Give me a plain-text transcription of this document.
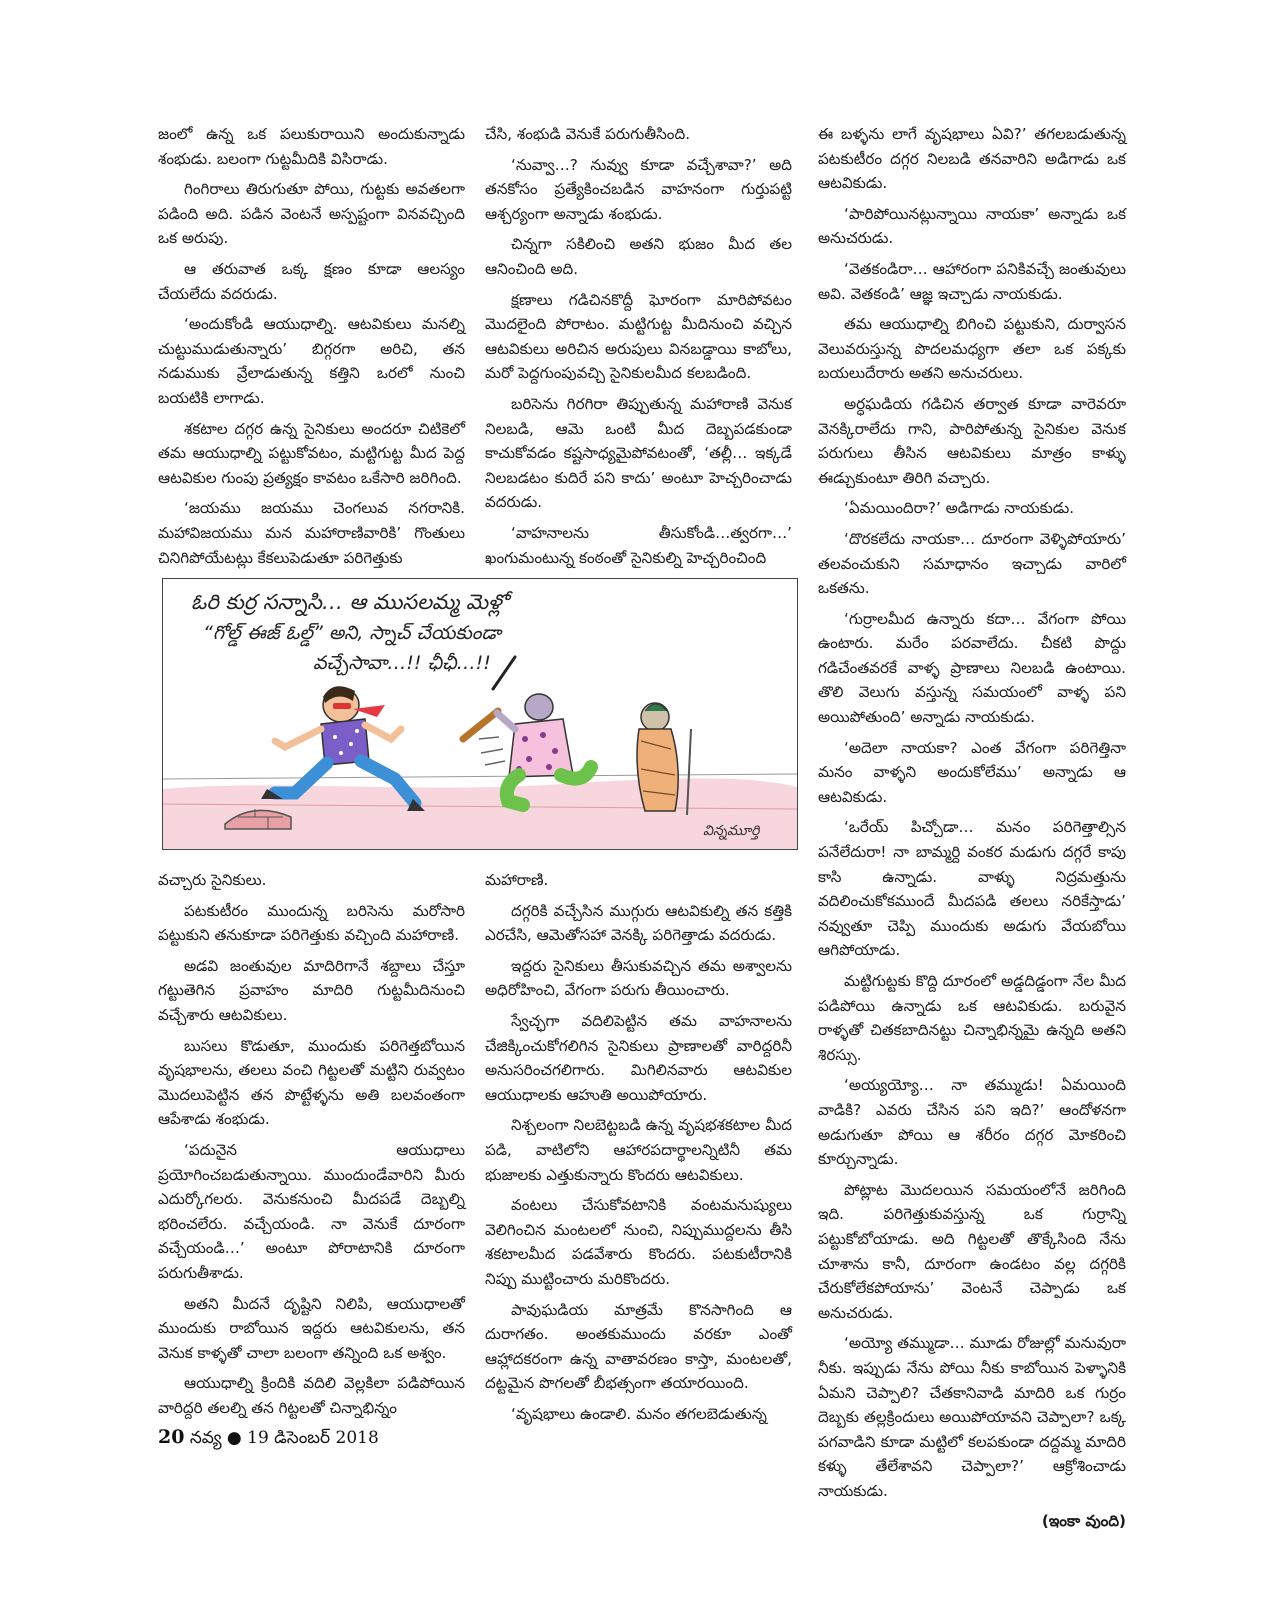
జంలో ఉన్న ఒక పలుకురాయిని అందుకున్నాడు శంభుడు. బలంగా గుట్టమీదికి విసిరాడు.

గింగిరాలు తిరుగుతూ పోయి, గుట్టకు అవతలగా పడింది అది. పడిన వెంటనే అస్పష్టంగా వినవచ్చింది ఒక అరుపు.

ఆ తరువాత ఒక్క క్షణం కూడా ఆలస్యం చేయలేదు వదరుడు.

‘అందుకోండి ఆయుధాల్ని. ఆటవికులు మనల్ని చుట్టుముడుతున్నారు’ బిగ్గరగా అరిచి, తన నడుముకు వ్రేలాడుతున్న కత్తిని ఒరలో నుంచి బయటికి లాగాడు.

శకటాల దగ్గర ఉన్న సైనికులు అందరూ చిటికెలో తమ ఆయుధాల్ని పట్టుకోవటం, మట్టిగుట్ట మీద పెద్ద ఆటవికుల గుంపు ప్రత్యక్షం కావటం ఒకేసారి జరిగింది.

‘జయము జయము చెంగలువ నగరానికి. మహావిజయము మన మహారాణివారికి’ గొంతులు చినిగిపోయేటట్లు కేకలుపెడుతూ పరిగెత్తుకు

చేసి, శంభుడి వెనుకే పరుగుతీసింది.

‘నువ్వా…? నువ్వు కూడా వచ్చేశావా?’ అది తనకోసం ప్రత్యేకించబడిన వాహనంగా గుర్తుపట్టి ఆశ్చర్యంగా అన్నాడు శంభుడు.

చిన్నగా సకిలించి అతని భుజం మీద తల ఆనించింది అది.

క్షణాలు గడిచినకొద్దీ ఘోరంగా మారిపోవటం మొదలైంది పోరాటం. మట్టిగుట్ట మీదినుంచి వచ్చిన ఆటవికులు అరిచిన అరుపులు వినబడ్డాయి కాబోలు, మరో పెద్దగుంపువచ్చి సైనికులమీద కలబడింది.

బరిసెను గిరగిరా తిప్పుతున్న మహారాణి వెనుక నిలబడి, ఆమె ఒంటి మీద దెబ్బపడకుండా కాచుకోవడం కష్టసాధ్యమైపోవటంతో, ‘తల్లీ… ఇక్కడే నిలబడటం కుదిరే పని కాదు’ అంటూ హెచ్చరించాడు వదరుడు.

‘వాహనాలను తీసుకోండి…త్వరగా…’ ఖంగుమంటున్న కంఠంతో సైనికుల్ని హెచ్చరించింది

ఓరి కుర్ర సన్నాసి… ఆ ముసలమ్మ మెళ్లో
“గోల్డ్ ఈజ్ ఓల్డ్” అని, స్నాచ్ చేయకుండా
వచ్చేసావా…!! ఛీఛీ…!!
విన్నమూర్తి

ఈ బళ్ళను లాగే వృషభాలు ఏవి?’ తగలబడుతున్న పటకుటీరం దగ్గర నిలబడి తనవారిని అడిగాడు ఒక ఆటవికుడు.

‘పారిపోయినట్లున్నాయి నాయకా’ అన్నాడు ఒక అనుచరుడు.

‘వెతకండిరా… ఆహారంగా పనికివచ్చే జంతువులు అవి. వెతకండి’ ఆజ్ఞ ఇచ్చాడు నాయకుడు.

తమ ఆయుధాల్ని బిగించి పట్టుకుని, దుర్వాసన వెలువరుస్తున్న పొదలమధ్యగా తలా ఒక పక్కకు బయలుదేరారు అతని అనుచరులు.

అర్ధఘడియ గడిచిన తర్వాత కూడా వారెవరూ వెనక్కిరాలేదు గాని, పారిపోతున్న సైనికుల వెనుక పరుగులు తీసిన ఆటవికులు మాత్రం కాళ్ళు ఈడ్చుకుంటూ తిరిగి వచ్చారు.

‘ఏమయిందిరా?’ అడిగాడు నాయకుడు.

‘దొరకలేదు నాయకా… దూరంగా వెళ్ళిపోయారు’ తలవంచుకుని సమాధానం ఇచ్చాడు వారిలో ఒకతను.

‘గుర్రాలమీద ఉన్నారు కదా… వేగంగా పోయి ఉంటారు. మరేం పరవాలేదు. చీకటి పొద్దు గడిచేంతవరకే వాళ్ళ ప్రాణాలు నిలబడి ఉంటాయి. తొలి వెలుగు వస్తున్న సమయంలో వాళ్ళ పని అయిపోతుంది’ అన్నాడు నాయకుడు.

‘అదెలా నాయకా? ఎంత వేగంగా పరిగెత్తినా మనం వాళ్ళని అందుకోలేము’ అన్నాడు ఆ ఆటవికుడు.

‘ఒరేయ్ పిచ్చోడా… మనం పరిగెత్తాల్సిన పనేలేదురా! నా బామ్మర్ది వంకర మడుగు దగ్గరే కాపు కాసి ఉన్నాడు. వాళ్ళు నిద్రమత్తును వదిలించుకోకముందే మీదపడి తలలు నరికేస్తాడు’ నవ్వుతూ చెప్పి ముందుకు అడుగు వేయబోయి ఆగిపోయాడు.

మట్టిగుట్టకు కొద్ది దూరంలో అడ్డదిడ్డంగా నేల మీద పడిపోయి ఉన్నాడు ఒక ఆటవికుడు. బరువైన రాళ్ళతో చితకబాదినట్టు చిన్నాభిన్నమై ఉన్నది అతని శిరస్సు.

‘అయ్యయ్యో… నా తమ్ముడు! ఏమయింది వాడికి? ఎవరు చేసిన పని ఇది?’ ఆందోళనగా అడుగుతూ పోయి ఆ శరీరం దగ్గర మోకరించి కూర్చున్నాడు.

పోట్లాట మొదలయిన సమయంలోనే జరిగింది ఇది. పరిగెత్తుకువస్తున్న ఒక గుర్రాన్ని పట్టుకోబోయాడు. అది గిట్టలతో తొక్కేసింది నేను చూశాను కానీ, దూరంగా ఉండటం వల్ల దగ్గరికి చేరుకోలేకపోయాను’ వెంటనే చెప్పాడు ఒక అనుచరుడు.

‘అయ్యో తమ్ముడా… మూడు రోజుల్లో మనువురా నీకు. ఇప్పుడు నేను పోయి నీకు కాబోయిన పెళ్ళానికి ఏమని చెప్పాలి? చేతకానివాడి మాదిరి ఒక గుర్రం దెబ్బకు తల్లక్రిందులు అయిపోయావని చెప్పాలా? ఒక్క పగవాడిని కూడా మట్టిలో కలపకుండా దద్దమ్మ మాదిరి కళ్ళు తేలేశావని చెప్పాలా?’ ఆక్రోశించాడు నాయకుడు.

(ఇంకా వుంది)

వచ్చారు సైనికులు.

పటకుటీరం ముందున్న బరిసెను మరోసారి పట్టుకుని తనుకూడా పరిగెత్తుకు వచ్చింది మహారాణి.

అడవి జంతువుల మాదిరిగానే శబ్దాలు చేస్తూ గట్టుతెగిన ప్రవాహం మాదిరి గుట్టమీదినుంచి వచ్చేశారు ఆటవికులు.

బుసలు కొడుతూ, ముందుకు పరిగెత్తబోయిన వృషభాలను, తలలు వంచి గిట్టలతో మట్టిని రువ్వటం మొదలుపెట్టిన తన పొట్టేళ్ళను అతి బలవంతంగా ఆపేశాడు శంభుడు.

‘పదునైన ఆయుధాలు ప్రయోగించబడుతున్నాయి. ముందుండేవారిని మీరు ఎదుర్కోగలరు. వెనుకనుంచి మీదపడే దెబ్బల్ని భరించలేరు. వచ్చేయండి. నా వెనుకే దూరంగా వచ్చేయండి…’ అంటూ పోరాటానికి దూరంగా పరుగుతీశాడు.

అతని మీదనే దృష్టిని నిలిపి, ఆయుధాలతో ముందుకు రాబోయిన ఇద్దరు ఆటవికులను, తన వెనుక కాళ్ళతో చాలా బలంగా తన్నింది ఒక అశ్వం.

ఆయుధాల్ని క్రిందికి వదిలి వెల్లకిలా పడిపోయిన వారిద్దరి తలల్ని తన గిట్టలతో చిన్నాభిన్నం

మహారాణి.

దగ్గరికి వచ్చేసిన ముగ్గురు ఆటవికుల్ని తన కత్తికి ఎరచేసి, ఆమెతోసహా వెనక్కి పరిగెత్తాడు వదరుడు.

ఇద్దరు సైనికులు తీసుకువచ్చిన తమ అశ్వాలను అధిరోహించి, వేగంగా పరుగు తీయించారు.

స్వేచ్ఛగా వదిలిపెట్టిన తమ వాహనాలను చేజిక్కించుకోగలిగిన సైనికులు ప్రాణాలతో వారిద్దరినీ అనుసరించగలిగారు. మిగిలినవారు ఆటవికుల ఆయుధాలకు ఆహుతి అయిపోయారు.

నిశ్చలంగా నిలబెట్టబడి ఉన్న వృషభశకటాల మీద పడి, వాటిలోని ఆహారపదార్థాలన్నిటినీ తమ భుజాలకు ఎత్తుకున్నారు కొందరు ఆటవికులు.

వంటలు చేసుకోవటానికి వంటమనుష్యులు వెలిగించిన మంటలలో నుంచి, నిప్పుముద్దలను తీసి శకటాలమీద పడవేశారు కొందరు. పటకుటీరానికి నిప్పు ముట్టించారు మరికొందరు.

పావుఘడియ మాత్రమే కొనసాగింది ఆ దురాగతం. అంతకుముందు వరకూ ఎంతో ఆహ్లాదకరంగా ఉన్న వాతావరణం కాస్తా, మంటలతో, దట్టమైన పొగలతో బీభత్సంగా తయారయింది.

‘వృషభాలు ఉండాలి. మనం తగలబెడుతున్న

20 నవ్య ● 19 డిసెంబర్ 2018
